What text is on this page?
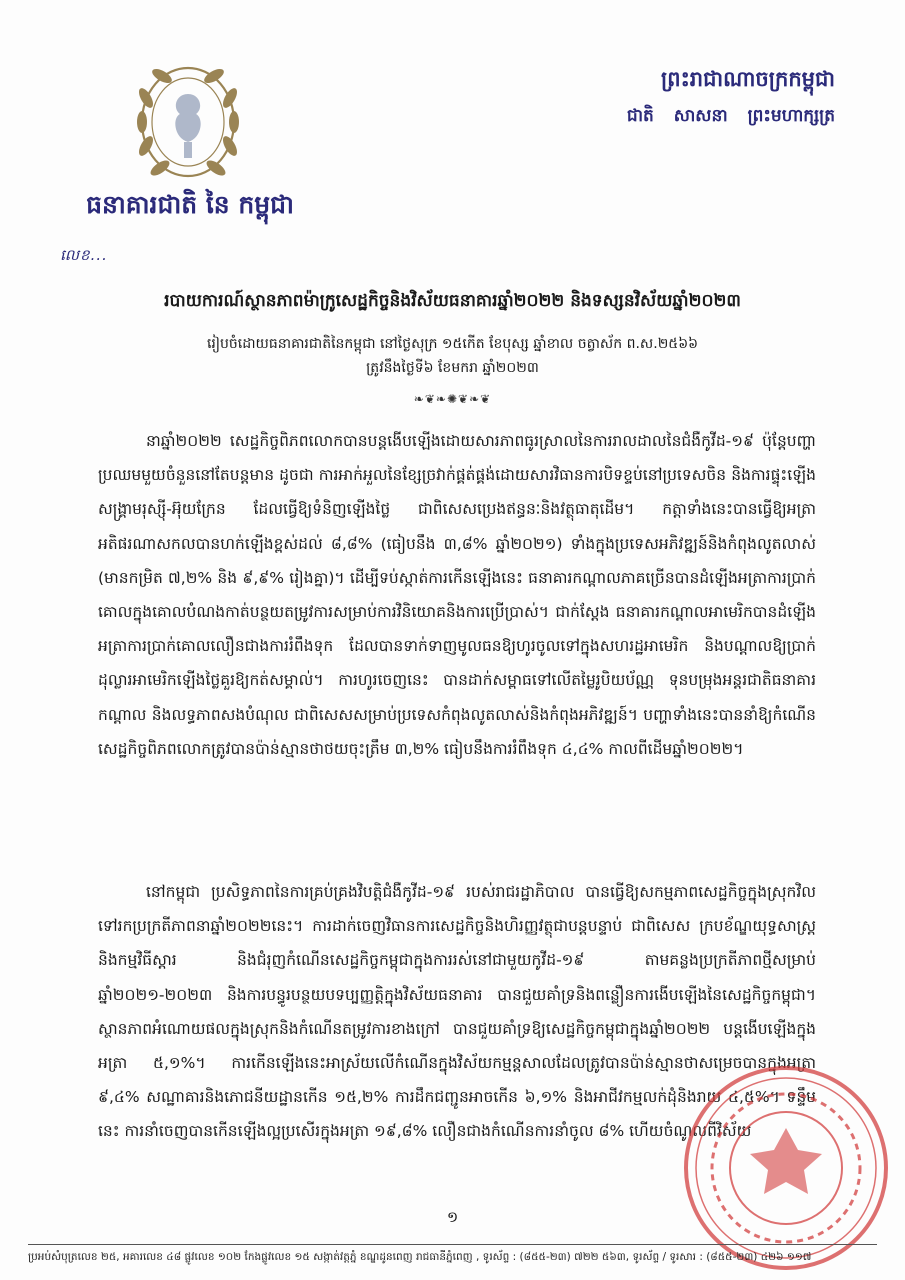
ធនាគារជាតិ នៃ កម្ពុជា
លេខ...
ព្រះរាជាណាចក្រកម្ពុជា
ជាតិ សាសនា ព្រះមហាក្សត្រ
របាយការណ៍ស្ថានភាពម៉ាក្រូសេដ្ឋកិច្ចនិងវិស័យធនាគារឆ្នាំ២០២២ និងទស្សនវិស័យឆ្នាំ២០២៣
រៀបចំដោយធនាគារជាតិនៃកម្ពុជា នៅថ្ងៃសុក្រ ១៥កើត ខែបុស្ស ឆ្នាំខាល ចត្វាស័ក ព.ស.២៥៦៦
ត្រូវនឹងថ្ងៃទី៦ ខែមករា ឆ្នាំ២០២៣
❧❦❧✺❦❧❦

នាឆ្នាំ២០២២ សេដ្ឋកិច្ចពិភពលោកបានបន្តងើបឡើងដោយសារភាពធូរស្រាលនៃការរាលដាលនៃជំងឺកូវីដ-១៩ ប៉ុន្តែបញ្ហាប្រឈមមួយចំនួននៅតែបន្តមាន ដូចជា ការអាក់អួលនៃខ្សែច្រវាក់ផ្គត់ផ្គង់ដោយសារវិធានការបិទខ្ទប់នៅប្រទេសចិន និងការផ្ទុះឡើងសង្គ្រាមរុស្ស៊ី-អ៊ុយក្រែន ដែលធ្វើឱ្យទំនិញឡើងថ្លៃ ជាពិសេសប្រេងឥន្ធនៈនិងវត្ថុធាតុដើម។ កត្តាទាំងនេះបានធ្វើឱ្យអត្រាអតិផរណាសកលបានហក់ឡើងខ្ពស់ដល់ ៨,៨% (ធៀបនឹង ៣,៨% ឆ្នាំ២០២១) ទាំងក្នុងប្រទេសអភិវឌ្ឍន៍និងកំពុងលូតលាស់ (មានកម្រិត ៧,២% និង ៩,៩% រៀងគ្នា)។ ដើម្បីទប់ស្កាត់ការកើនឡើងនេះ ធនាគារកណ្តាលភាគច្រើនបានដំឡើងអត្រាការប្រាក់គោលក្នុងគោលបំណងកាត់បន្ថយតម្រូវការសម្រាប់ការវិនិយោគនិងការប្រើប្រាស់។ ជាក់ស្តែង ធនាគារកណ្តាលអាមេរិកបានដំឡើងអត្រាការប្រាក់គោលលឿនជាងការរំពឹងទុក ដែលបានទាក់ទាញមូលធនឱ្យហូរចូលទៅក្នុងសហរដ្ឋអាមេរិក និងបណ្តាលឱ្យប្រាក់ដុល្លារអាមេរិកឡើងថ្លៃគួរឱ្យកត់សម្គាល់។ ការហូរចេញនេះ បានដាក់សម្ពាធទៅលើតម្លៃរូបិយប័ណ្ណ ទុនបម្រុងអន្តរជាតិធនាគារកណ្តាល និងលទ្ធភាពសងបំណុល ជាពិសេសសម្រាប់ប្រទេសកំពុងលូតលាស់និងកំពុងអភិវឌ្ឍន៍។ បញ្ហាទាំងនេះបាននាំឱ្យកំណើនសេដ្ឋកិច្ចពិភពលោកត្រូវបានប៉ាន់ស្មានថាថយចុះត្រឹម ៣,២% ធៀបនឹងការរំពឹងទុក ៤,៤% កាលពីដើមឆ្នាំ២០២២។

នៅកម្ពុជា ប្រសិទ្ធភាពនៃការគ្រប់គ្រងវិបត្តិជំងឺកូវីដ-១៩ របស់រាជរដ្ឋាភិបាល បានធ្វើឱ្យសកម្មភាពសេដ្ឋកិច្ចក្នុងស្រុកវិលទៅរកប្រក្រតីភាពនាឆ្នាំ២០២២នេះ។ ការដាក់ចេញវិធានការសេដ្ឋកិច្ចនិងហិរញ្ញវត្ថុជាបន្តបន្ទាប់ ជាពិសេស ក្របខ័ណ្ឌយុទ្ធសាស្ត្រនិងកម្មវិធីស្តារ និងជំរុញកំណើនសេដ្ឋកិច្ចកម្ពុជាក្នុងការរស់នៅជាមួយកូវីដ-១៩ តាមគន្លងប្រក្រតីភាពថ្មីសម្រាប់ឆ្នាំ២០២១-២០២៣ និងការបន្ធូរបន្ថយបទប្បញ្ញត្តិក្នុងវិស័យធនាគារ បានជួយគាំទ្រនិងពន្លឿនការងើបឡើងនៃសេដ្ឋកិច្ចកម្ពុជា។ ស្ថានភាពអំណោយផលក្នុងស្រុកនិងកំណើនតម្រូវការខាងក្រៅ បានជួយគាំទ្រឱ្យសេដ្ឋកិច្ចកម្ពុជាក្នុងឆ្នាំ២០២២ បន្តងើបឡើងក្នុងអត្រា ៥,១%។ ការកើនឡើងនេះអាស្រ័យលើកំណើនក្នុងវិស័យកម្មន្តសាលដែលត្រូវបានប៉ាន់ស្មានថាសម្រេចបានក្នុងអត្រា ៩,៤% សណ្ឋាគារនិងភោជនីយដ្ឋានកើន ១៥,២% ការដឹកជញ្ជូនអាចកើន ៦,១% និងអាជីវកម្មលក់ដុំនិងរាយ ៤,៥%។ ទន្ទឹមនេះ ការនាំចេញបានកើនឡើងល្អប្រសើរក្នុងអត្រា ១៩,៨% លឿនជាងកំណើនការនាំចូល ៨% ហើយចំណូលពីវិស័យ

១
ប្រអប់សំបុត្រលេខ ២៥, អគារលេខ ៤៨ ផ្លូវលេខ ១០២ កែងផ្លូវលេខ ១៥ សង្កាត់វត្តភ្នំ ខណ្ឌដូនពេញ រាជធានីភ្នំពេញ , ទូរស័ព្ទ : (៨៥៥-២៣) ៧២២ ៥៦៣, ទូរស័ព្ទ / ទូរសារ : (៨៥៥-២៣) ៤២៦ ១១៧
